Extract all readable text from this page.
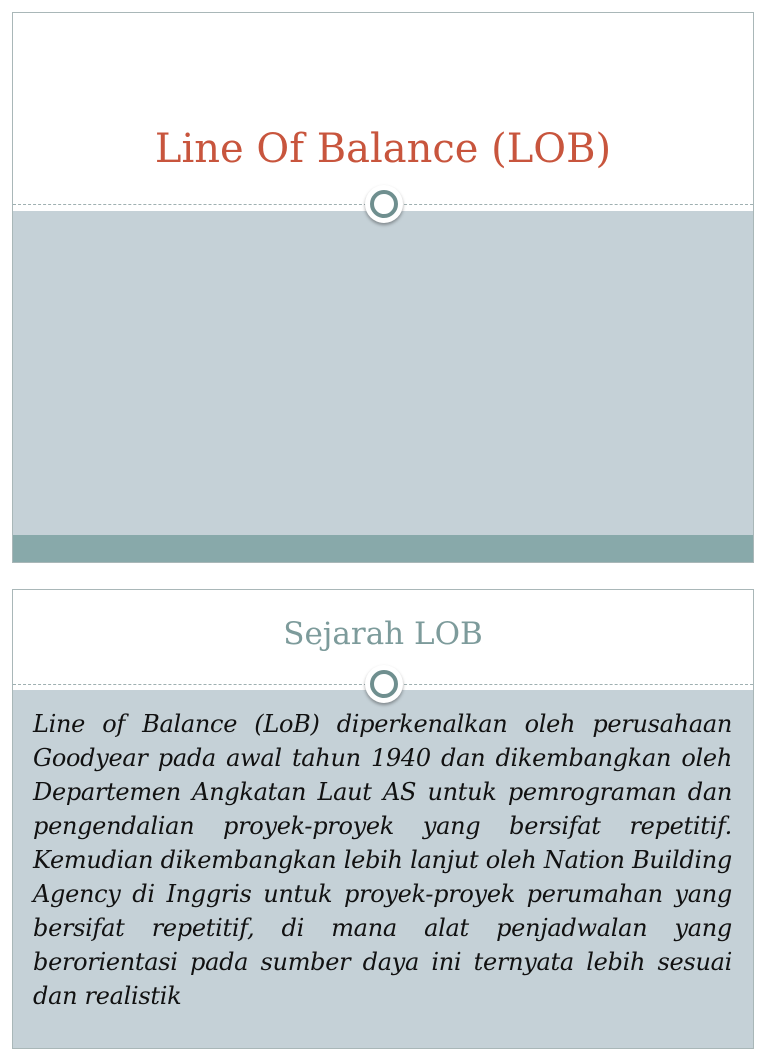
Line Of Balance (LOB)
Sejarah LOB

Line of Balance (LoB) diperkenalkan oleh perusahaan Goodyear pada awal tahun 1940 dan dikembangkan oleh Departemen Angkatan Laut AS untuk pemrograman dan pengendalian proyek-proyek yang bersifat repetitif. Kemudian dikembangkan lebih lanjut oleh Nation Building Agency di Inggris untuk proyek-proyek perumahan yang bersifat repetitif, di mana alat penjadwalan yang berorientasi pada sumber daya ini ternyata lebih sesuai dan realistik
